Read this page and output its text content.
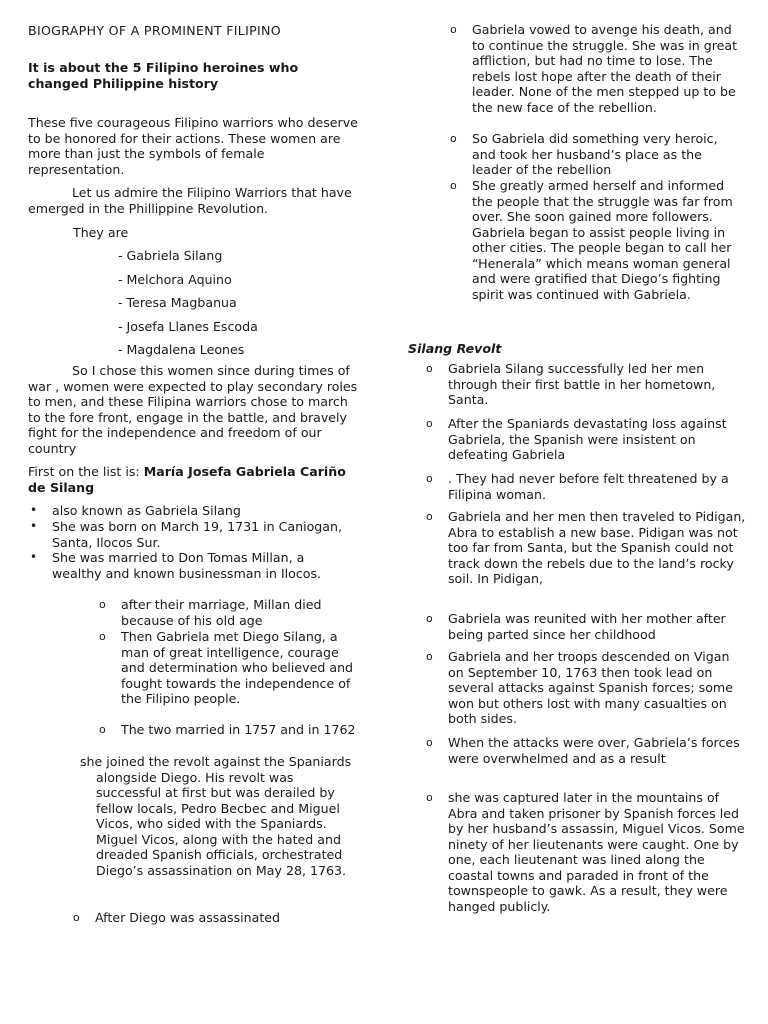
BIOGRAPHY OF A PROMINENT FILIPINO

It is about the 5 Filipino heroines who changed Philippine history

These five courageous Filipino warriors who deserve to be honored for their actions. These women are more than just the symbols of female representation.

Let us admire the Filipino Warriors that have emerged in the Phillippine Revolution.

They are

- Gabriela Silang
- Melchora Aquino
- Teresa Magbanua
- Josefa Llanes Escoda
- Magdalena Leones

So I chose this women since during times of war , women were expected to play secondary roles to men, and these Filipina warriors chose to march to the fore front, engage in the battle, and bravely fight for the independence and freedom of our country

First on the list is: María Josefa Gabriela Cariño de Silang

• also known as Gabriela Silang

• She was born on March 19, 1731 in Caniogan, Santa, Ilocos Sur.

• She was married to Don Tomas Millan, a wealthy and known businessman in Ilocos.

o after their marriage, Millan died because of his old age

o Then Gabriela met Diego Silang, a man of great intelligence, courage and determination who believed and fought towards the independence of the Filipino people.

o The two married in 1757 and in 1762

she joined the revolt against the Spaniards alongside Diego. His revolt was successful at first but was derailed by fellow locals, Pedro Becbec and Miguel Vicos, who sided with the Spaniards. Miguel Vicos, along with the hated and dreaded Spanish officials, orchestrated Diego’s assassination on May 28, 1763.
o After Diego was assassinated

o Gabriela vowed to avenge his death, and to continue the struggle. She was in great affliction, but had no time to lose. The rebels lost hope after the death of their leader. None of the men stepped up to be the new face of the rebellion.

o So Gabriela did something very heroic, and took her husband’s place as the leader of the rebellion

o She greatly armed herself and informed the people that the struggle was far from over. She soon gained more followers. Gabriela began to assist people living in other cities. The people began to call her “Henerala” which means woman general and were gratified that Diego’s fighting spirit was continued with Gabriela.

Silang Revolt

o Gabriela Silang successfully led her men through their first battle in her hometown, Santa.

o After the Spaniards devastating loss against Gabriela, the Spanish were insistent on defeating Gabriela

o . They had never before felt threatened by a Filipina woman.

o Gabriela and her men then traveled to Pidigan, Abra to establish a new base. Pidigan was not too far from Santa, but the Spanish could not track down the rebels due to the land’s rocky soil. In Pidigan,

o Gabriela was reunited with her mother after being parted since her childhood

o Gabriela and her troops descended on Vigan on September 10, 1763 then took lead on several attacks against Spanish forces; some won but others lost with many casualties on both sides.

o When the attacks were over, Gabriela’s forces were overwhelmed and as a result

o she was captured later in the mountains of Abra and taken prisoner by Spanish forces led by her husband’s assassin, Miguel Vicos. Some ninety of her lieutenants were caught. One by one, each lieutenant was lined along the coastal towns and paraded in front of the townspeople to gawk. As a result, they were hanged publicly.
